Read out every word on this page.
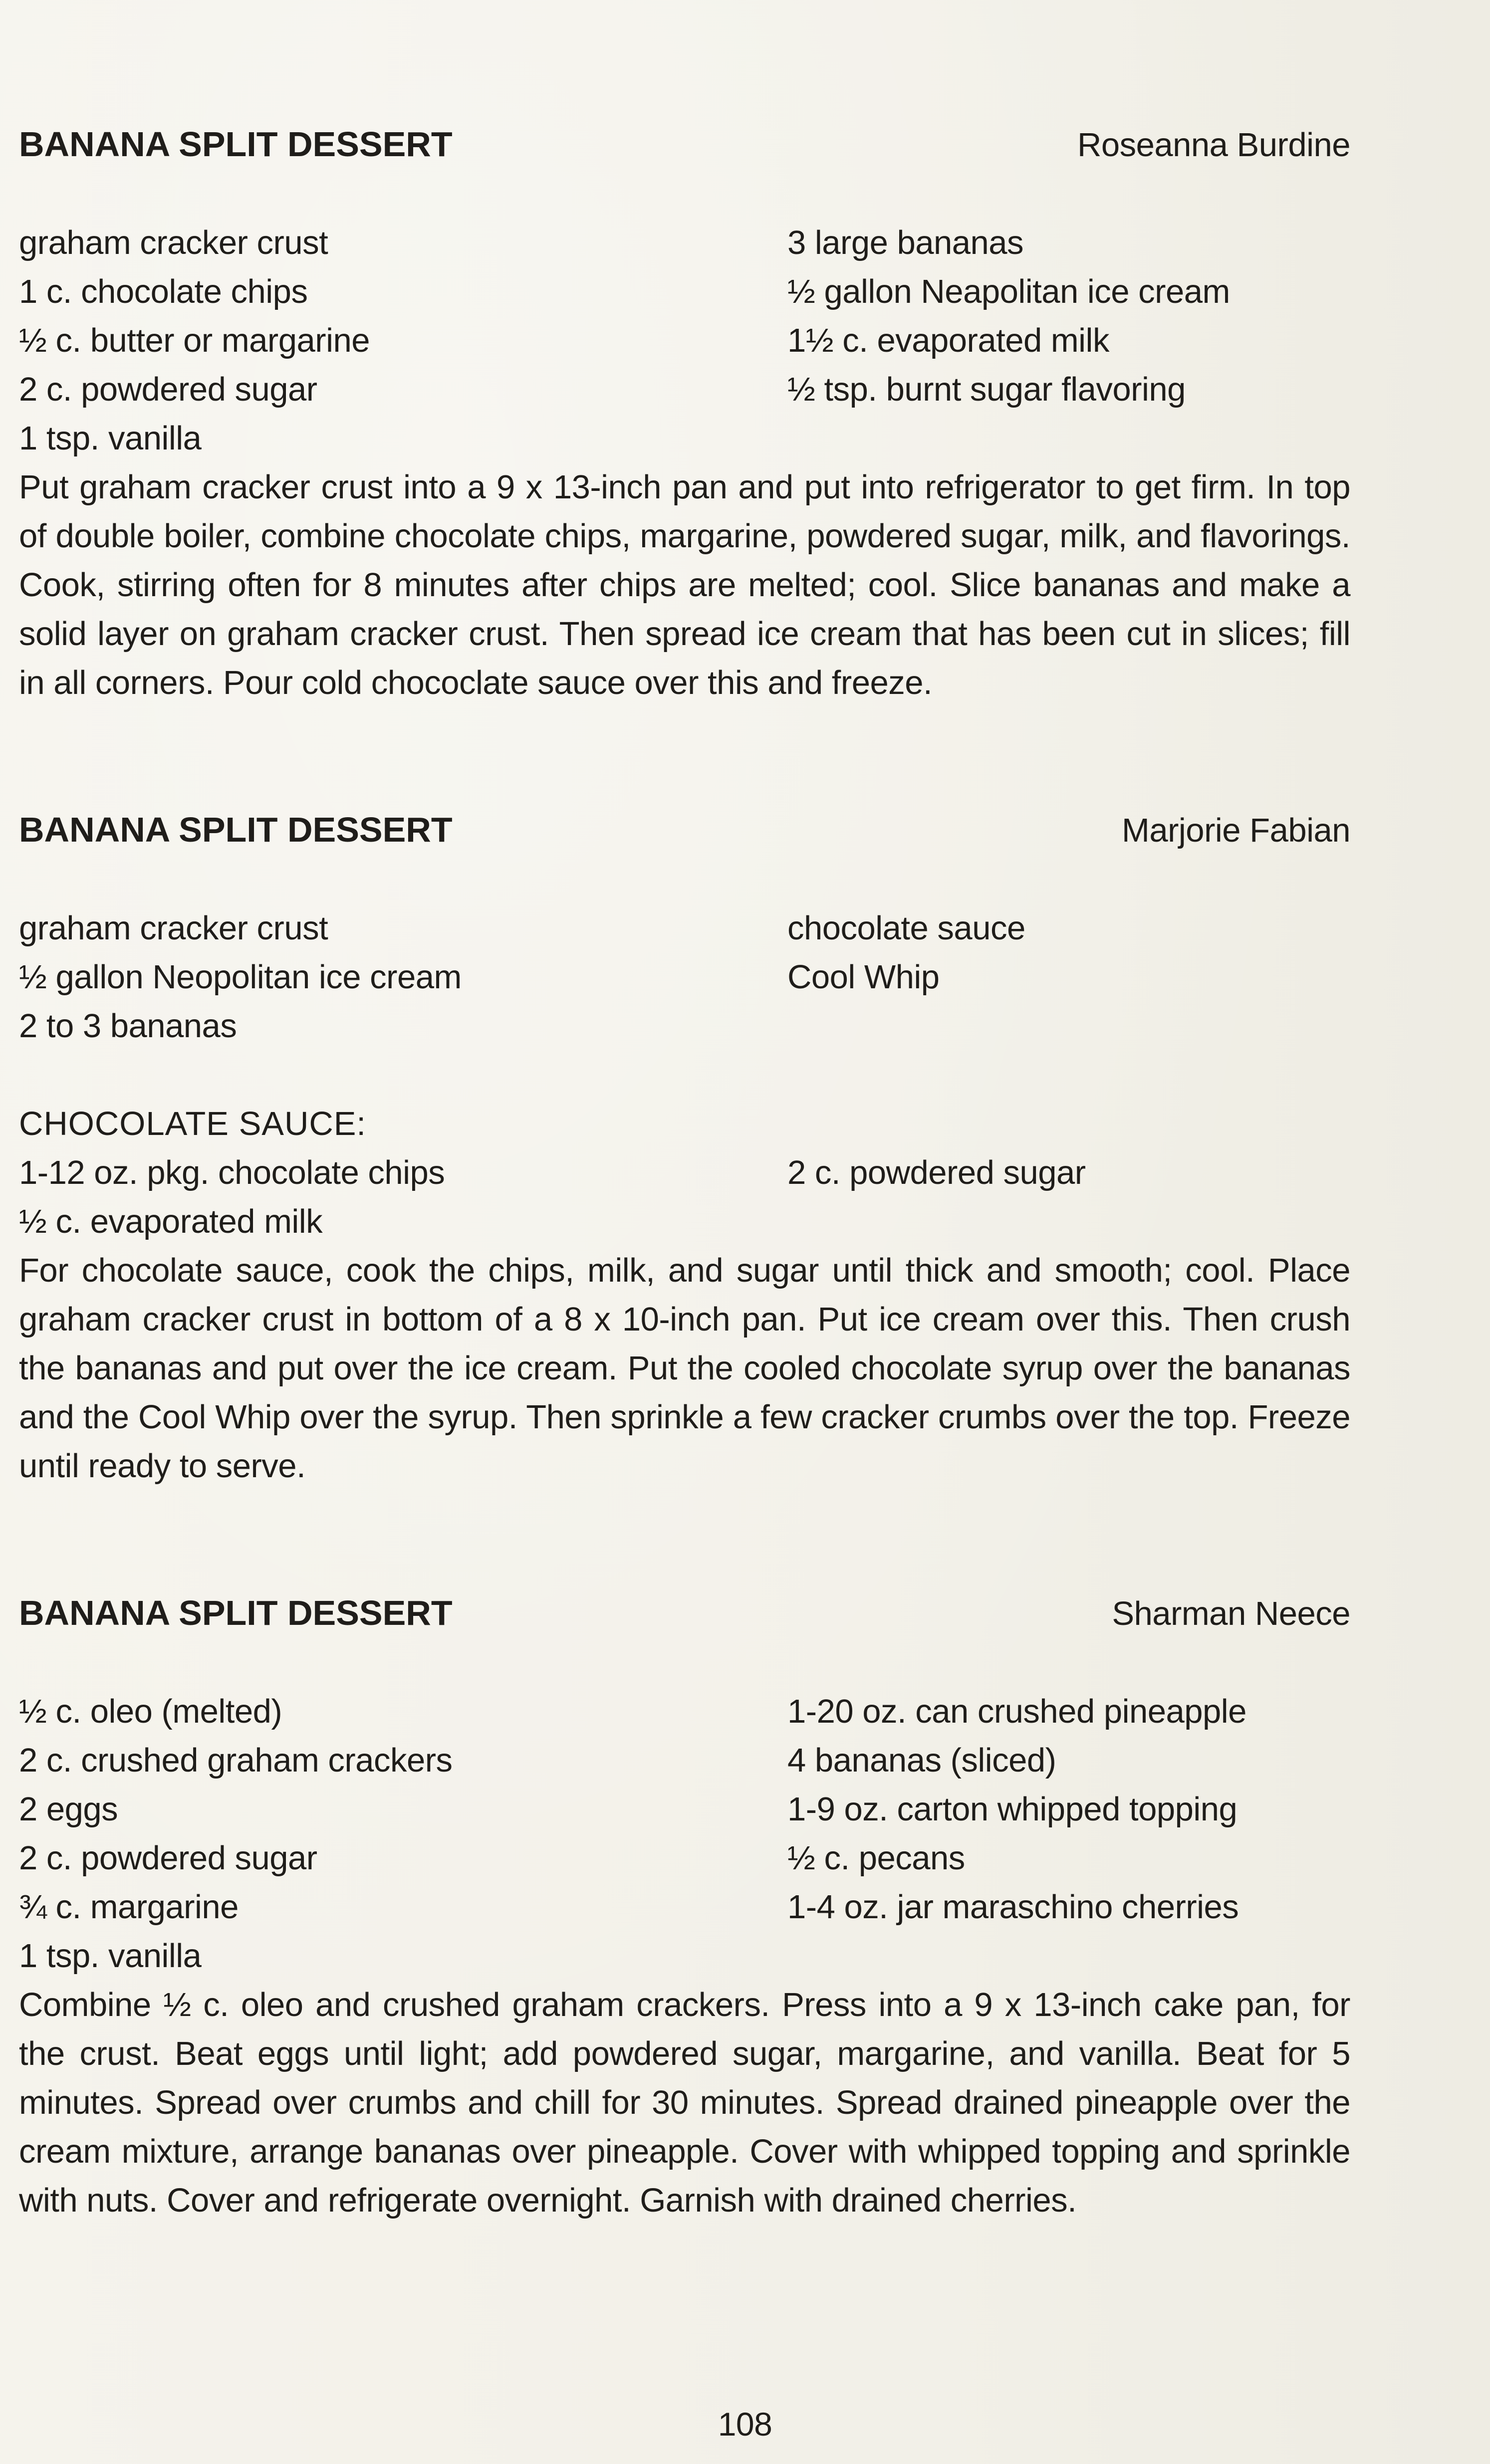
BANANA SPLIT DESSERT	Roseanna Burdine
graham cracker crust
1 c. chocolate chips
½ c. butter or margarine
2 c. powdered sugar
1 tsp. vanilla
3 large bananas
½ gallon Neapolitan ice cream
1½ c. evaporated milk
½ tsp. burnt sugar flavoring

Put graham cracker crust into a 9 x 13-inch pan and put into refrigerator to get firm. In top of double boiler, combine chocolate chips, margarine, powdered sugar, milk, and flavorings. Cook, stirring often for 8 minutes after chips are melted; cool. Slice bananas and make a solid layer on graham cracker crust. Then spread ice cream that has been cut in slices; fill in all corners. Pour cold chococlate sauce over this and freeze.

BANANA SPLIT DESSERT	Marjorie Fabian
graham cracker crust
½ gallon Neopolitan ice cream
2 to 3 bananas
chocolate sauce
Cool Whip
CHOCOLATE SAUCE:
1-12 oz. pkg. chocolate chips
½ c. evaporated milk
2 c. powdered sugar

For chocolate sauce, cook the chips, milk, and sugar until thick and smooth; cool. Place graham cracker crust in bottom of a 8 x 10-inch pan. Put ice cream over this. Then crush the bananas and put over the ice cream. Put the cooled chocolate syrup over the bananas and the Cool Whip over the syrup. Then sprinkle a few cracker crumbs over the top. Freeze until ready to serve.

BANANA SPLIT DESSERT	Sharman Neece
½ c. oleo (melted)
2 c. crushed graham crackers
2 eggs
2 c. powdered sugar
¾ c. margarine
1 tsp. vanilla
1-20 oz. can crushed pineapple
4 bananas (sliced)
1-9 oz. carton whipped topping
½ c. pecans
1-4 oz. jar maraschino cherries

Combine ½ c. oleo and crushed graham crackers. Press into a 9 x 13-inch cake pan, for the crust. Beat eggs until light; add powdered sugar, margarine, and vanilla. Beat for 5 minutes. Spread over crumbs and chill for 30 minutes. Spread drained pineapple over the cream mixture, arrange bananas over pineapple. Cover with whipped topping and sprinkle with nuts. Cover and refrigerate overnight. Garnish with drained cherries.

108
